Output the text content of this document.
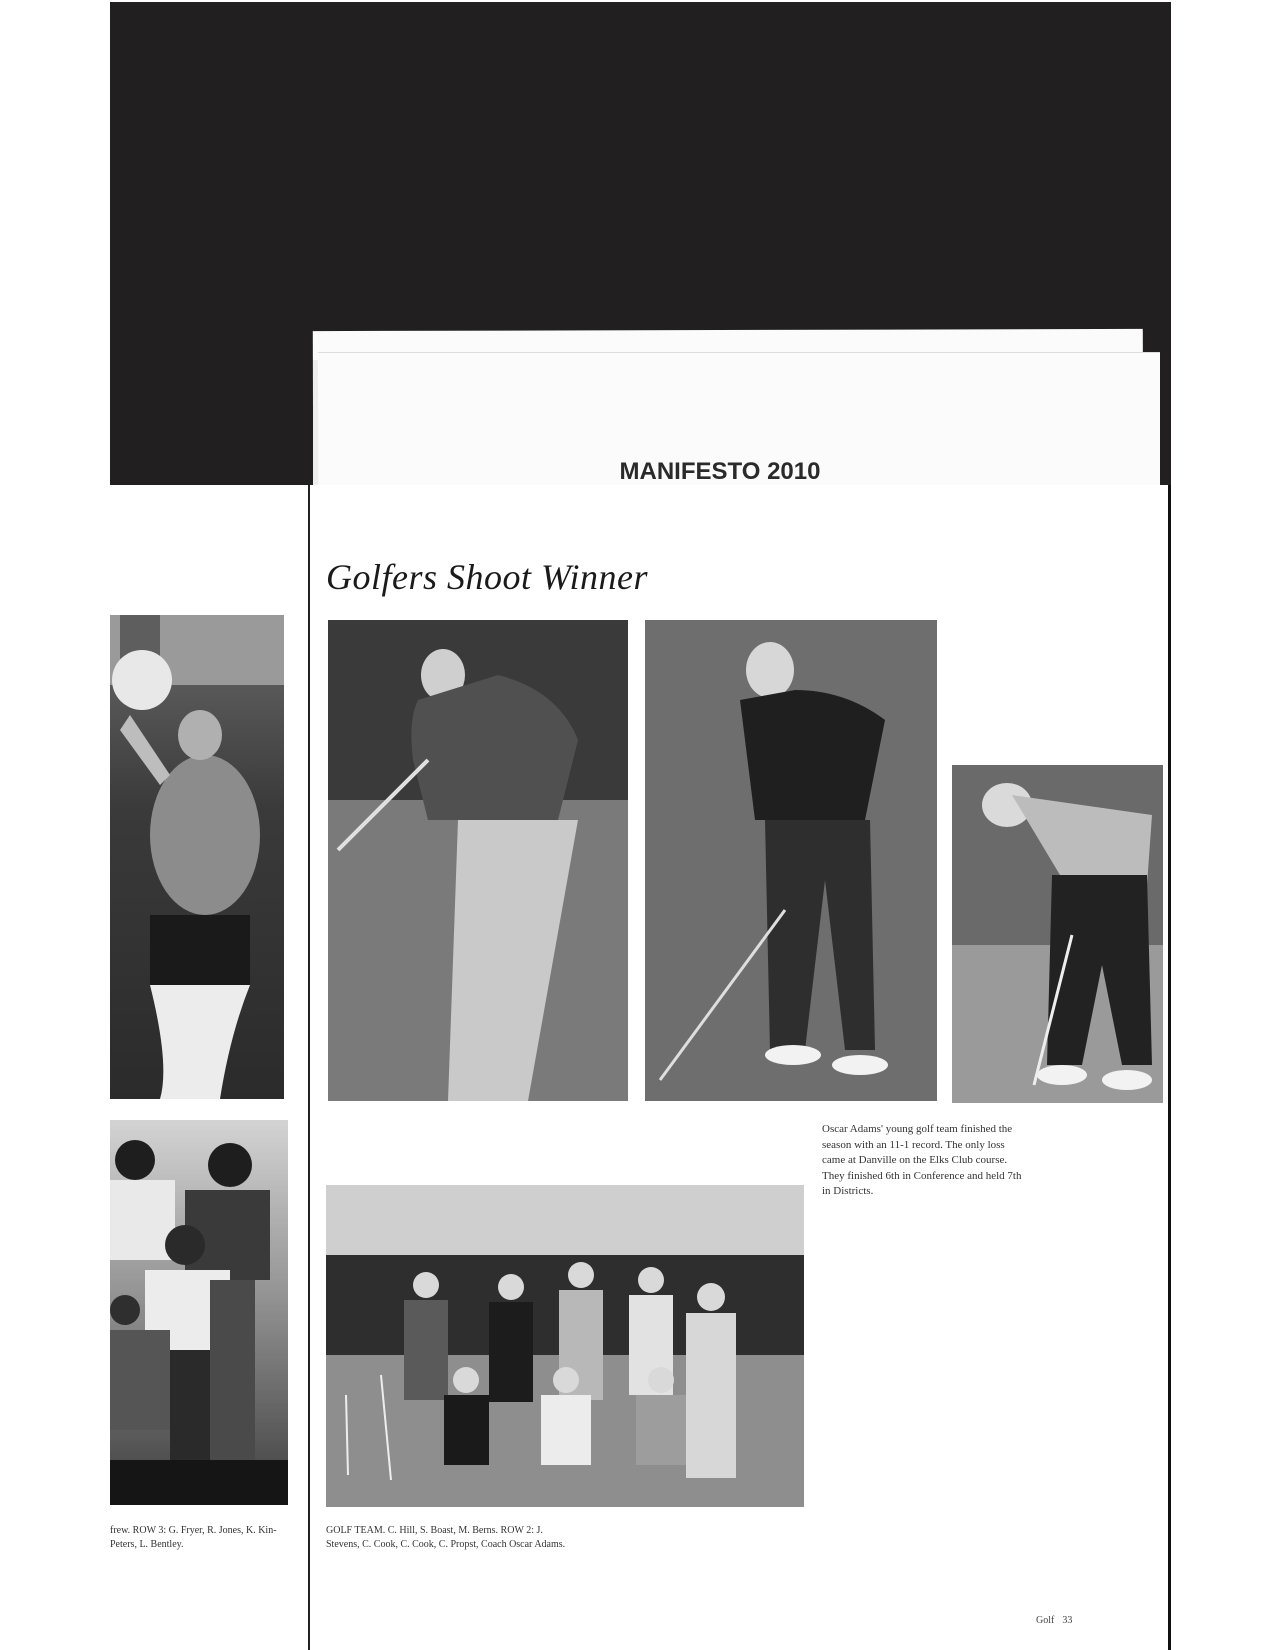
MANIFESTO 2010
Golfers Shoot Winner
Oscar Adams' young golf team finished the season with an 11-1 record. The only loss came at Danville on the Elks Club course. They finished 6th in Conference and held 7th in Districts.
frew. ROW 3: G. Fryer, R. Jones, K. Kin- Peters, L. Bentley.
GOLF TEAM. C. Hill, S. Boast, M. Berns. ROW 2: J. Stevens, C. Cook, C. Cook, C. Propst, Coach Oscar Adams.
Golf 33
